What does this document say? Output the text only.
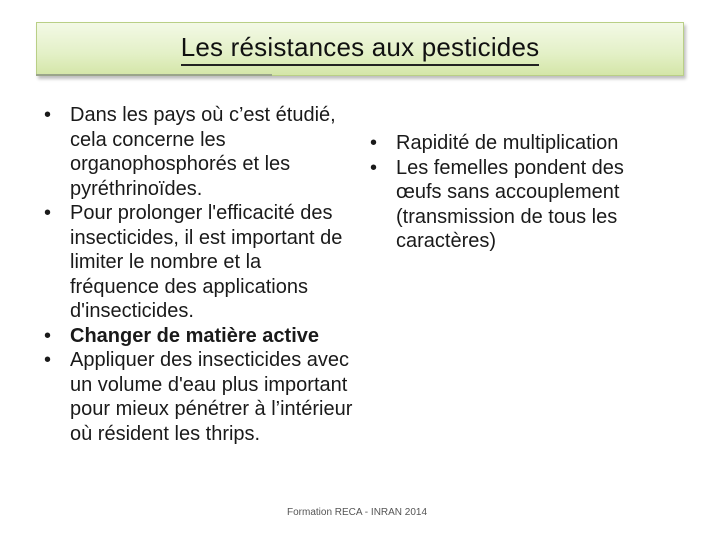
Les résistances aux pesticides
• Dans les pays où c’est étudié, cela concerne les organophosphorés et les pyréthrinoïdes.
• Pour prolonger l'efficacité des insecticides, il est important de limiter le nombre et la fréquence des applications d'insecticides.
• Changer de matière active
• Appliquer des insecticides avec un volume d'eau plus important pour mieux pénétrer à l’intérieur où résident les thrips.
• Rapidité de multiplication
• Les femelles pondent des œufs sans accouplement (transmission de tous les caractères)
Formation RECA - INRAN 2014
